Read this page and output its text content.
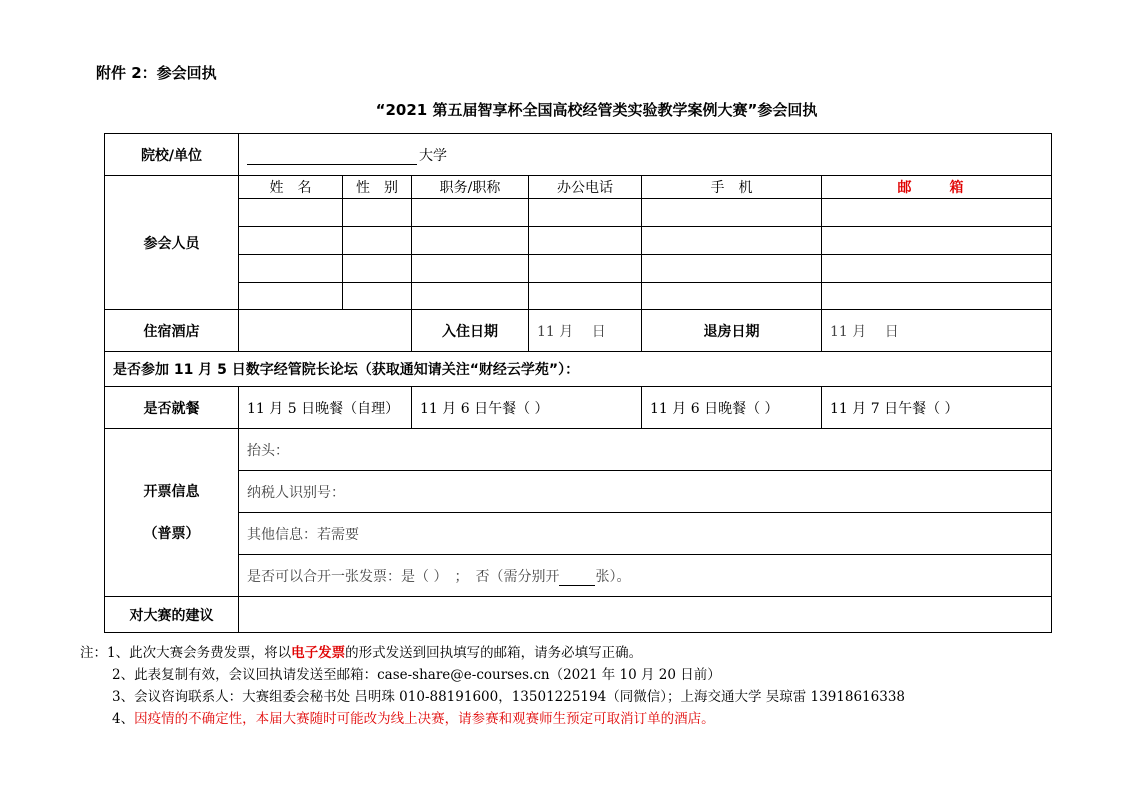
附件 2：参会回执
“2021 第五届智享杯全国高校经管类实验教学案例大赛”参会回执
院校/单位	大学					
参会人员	姓　名	性　别	职务/职称	办公电话	手　机	邮　箱

住宿酒店			入住日期	11 月　 日	退房日期	11 月　 日
是否参加 11 月 5 日数字经管院长论坛（获取通知请关注“财经云学苑”）：						
是否就餐	11 月 5 日晚餐（自理）		11 月 6 日午餐（ ）		11 月 6 日晚餐（ ）	11 月 7 日午餐（ ）

开票信息
（普票）	抬头：					
	纳税人识别号：					
	其他信息：若需要					
	是否可以合开一张发票：是（ ）　；　否（需分别开 张）。					
对大赛的建议						
注：1、此次大赛会务费发票，将以电子发票的形式发送到回执填写的邮箱，请务必填写正确。
2、此表复制有效，会议回执请发送至邮箱：case-share@e-courses.cn（2021 年 10 月 20 日前）
3、会议咨询联系人：大赛组委会秘书处 吕明珠 010-88191600，13501225194（同微信）；上海交通大学 吴琼雷 13918616338
4、因疫情的不确定性，本届大赛随时可能改为线上决赛，请参赛和观赛师生预定可取消订单的酒店。
